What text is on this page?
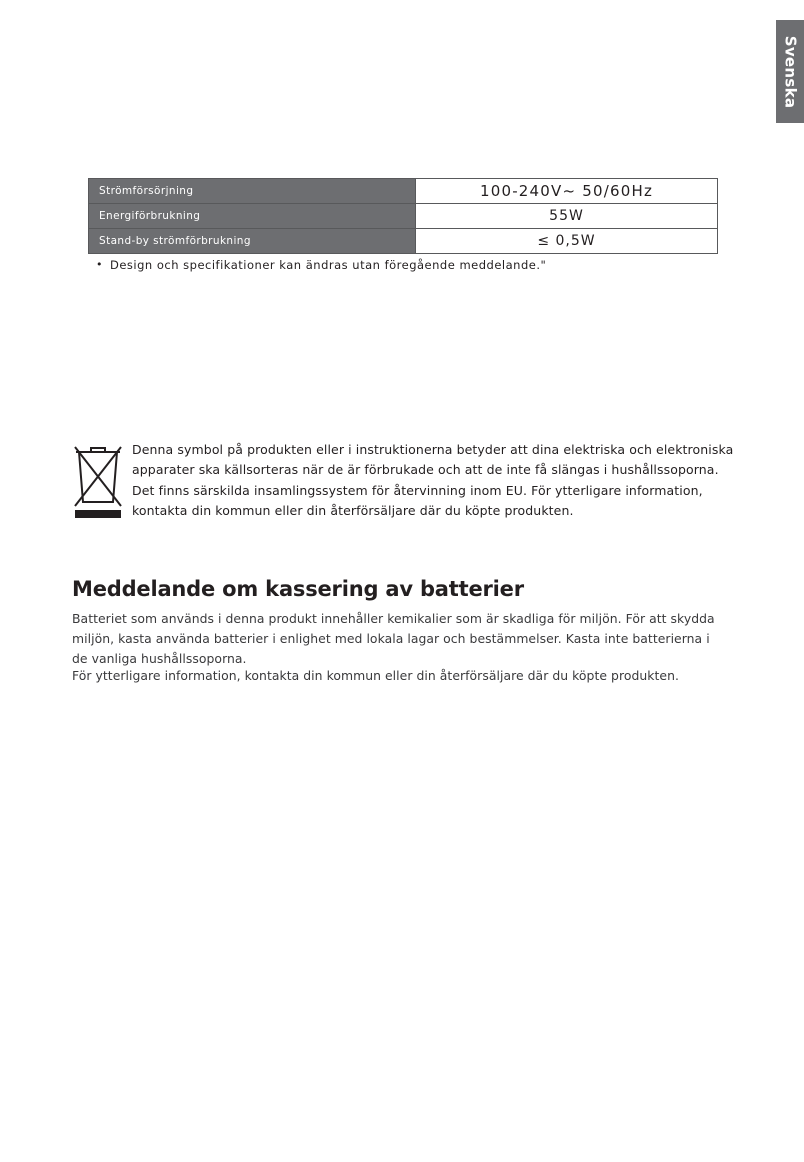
Svenska
Strömförsörjning	100-240V~ 50/60Hz
Energiförbrukning	55W
Stand-by strömförbrukning	≤ 0,5W
• Design och specifikationer kan ändras utan föregående meddelande."
Denna symbol på produkten eller i instruktionerna betyder att dina elektriska och elektroniska apparater ska källsorteras när de är förbrukade och att de inte få slängas i hushållssoporna. Det finns särskilda insamlingssystem för återvinning inom EU. För ytterligare information, kontakta din kommun eller din återförsäljare där du köpte produkten.
Meddelande om kassering av batterier

Batteriet som används i denna produkt innehåller kemikalier som är skadliga för miljön. För att skydda miljön, kasta använda batterier i enlighet med lokala lagar och bestämmelser. Kasta inte batterierna i de vanliga hushållssoporna.

För ytterligare information, kontakta din kommun eller din återförsäljare där du köpte produkten.
